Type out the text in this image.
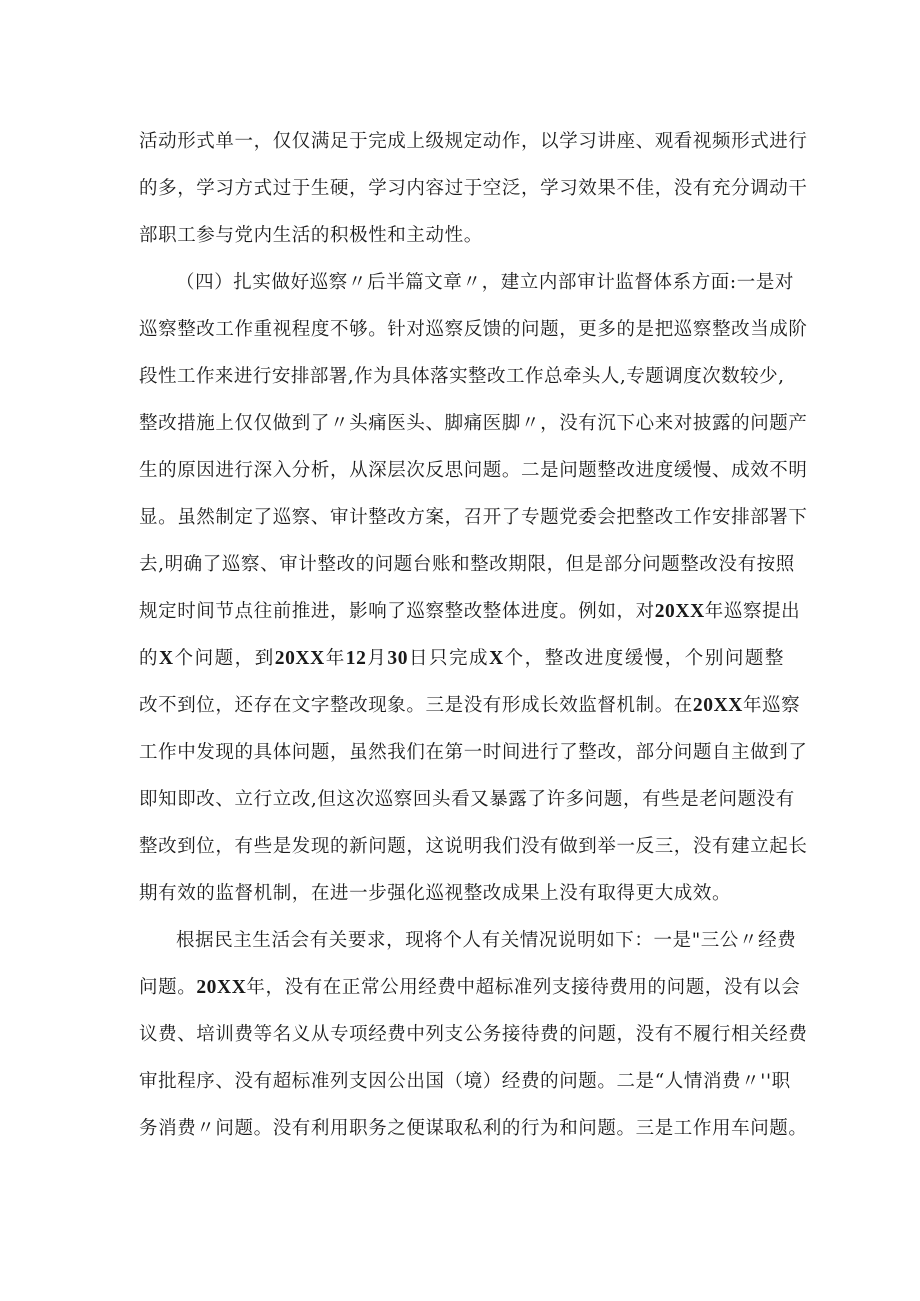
活动形式单一，仅仅满足于完成上级规定动作，以学习讲座、观看视频形式进行
的多，学习方式过于生硬，学习内容过于空泛，学习效果不佳，没有充分调动干
部职工参与党内生活的积极性和主动性。
（四）扎实做好巡察〃后半篇文章〃，建立内部审计监督体系方面:一是对
巡察整改工作重视程度不够。针对巡察反馈的问题，更多的是把巡察整改当成阶
段性工作来进行安排部署,作为具体落实整改工作总牵头人,专题调度次数较少,
整改措施上仅仅做到了〃头痛医头、脚痛医脚〃，没有沉下心来对披露的问题产
生的原因进行深入分析，从深层次反思问题。二是问题整改进度缓慢、成效不明
显。虽然制定了巡察、审计整改方案，召开了专题党委会把整改工作安排部署下
去,明确了巡察、审计整改的问题台账和整改期限，但是部分问题整改没有按照
规定时间节点往前推进，影响了巡察整改整体进度。例如，对20XX年巡察提出
的X个问题，到20XX年12月30日只完成X个，整改进度缓慢，个别问题整
改不到位，还存在文字整改现象。三是没有形成长效监督机制。在20XX年巡察
工作中发现的具体问题，虽然我们在第一时间进行了整改，部分问题自主做到了
即知即改、立行立改,但这次巡察回头看又暴露了许多问题，有些是老问题没有
整改到位，有些是发现的新问题，这说明我们没有做到举一反三，没有建立起长
期有效的监督机制，在进一步强化巡视整改成果上没有取得更大成效。
根据民主生活会有关要求，现将个人有关情况说明如下：一是"三公〃经费
问题。20XX年，没有在正常公用经费中超标准列支接待费用的问题，没有以会
议费、培训费等名义从专项经费中列支公务接待费的问题，没有不履行相关经费
审批程序、没有超标准列支因公出国（境）经费的问题。二是“人情消费〃''职
务消费〃问题。没有利用职务之便谋取私利的行为和问题。三是工作用车问题。
